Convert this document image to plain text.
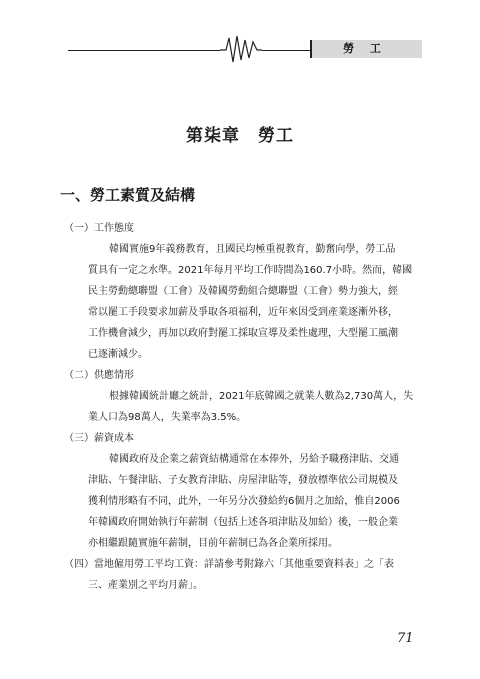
勞 工
第柒章　勞工
一、勞工素質及結構
（一）工作態度
韓國實施9年義務教育，且國民均極重視教育，勤奮向學，勞工品
質具有一定之水準。2021年每月平均工作時間為160.7小時。然而，韓國
民主勞動總聯盟（工會）及韓國勞動組合總聯盟（工會）勢力強大，經
常以罷工手段要求加薪及爭取各項福利，近年來因受到產業逐漸外移，
工作機會減少，再加以政府對罷工採取宣導及柔性處理，大型罷工風潮
已逐漸減少。
（二）供應情形
根據韓國統計廳之統計，2021年底韓國之就業人數為2,730萬人，失
業人口為98萬人，失業率為3.5%。
（三）薪資成本
韓國政府及企業之薪資結構通常在本俸外，另給予職務津貼、交通
津貼、午餐津貼、子女教育津貼、房屋津貼等，發放標準依公司規模及
獲利情形略有不同，此外，一年另分次發給約6個月之加給，惟自2006
年韓國政府開始執行年薪制（包括上述各項津貼及加給）後，一般企業
亦相繼跟隨實施年薪制，目前年薪制已為各企業所採用。
（四）當地僱用勞工平均工資：詳請參考附錄六「其他重要資料表」之「表
三、產業別之平均月薪」。
71
